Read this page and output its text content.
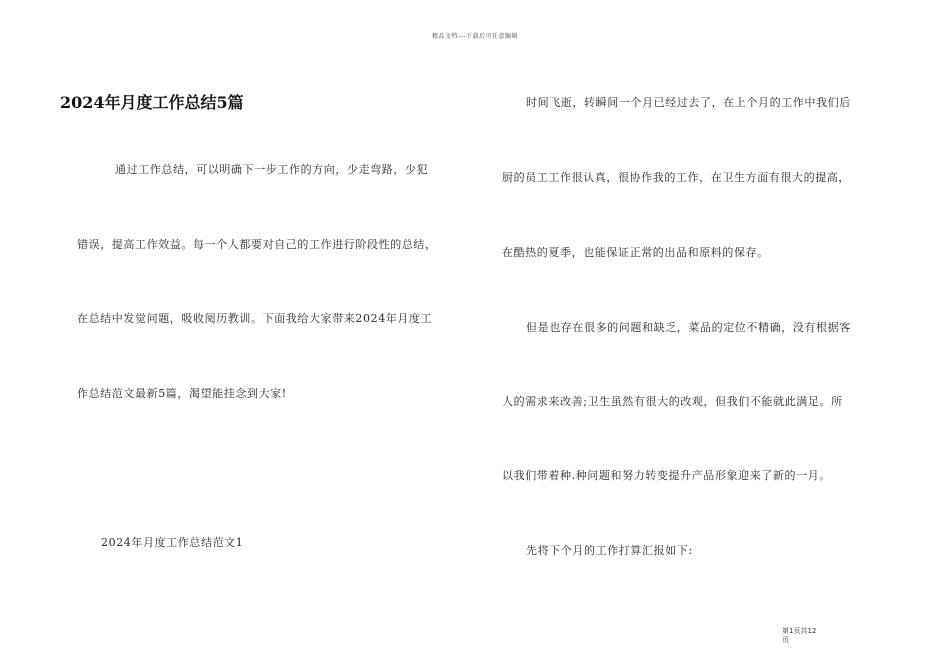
精品文档---下载后可任意编辑
2024年月度工作总结5篇
通过工作总结，可以明确下一步工作的方向，少走弯路，少犯
错误，提高工作效益。每一个人都要对自己的工作进行阶段性的总结，
在总结中发觉问题，吸收阅历教训。下面我给大家带来2024年月度工
作总结范文最新5篇，渴望能挂念到大家!
2024年月度工作总结范文1
时间飞逝，转瞬间一个月已经过去了，在上个月的工作中我们后
厨的员工工作很认真，很协作我的工作，在卫生方面有很大的提高，
在酷热的夏季，也能保证正常的出品和原料的保存。
但是也存在很多的问题和缺乏，菜品的定位不精确，没有根据客
人的需求来改善;卫生虽然有很大的改观，但我们不能就此满足。所
以我们带着种.种问题和努力转变提升产品形象迎来了新的一月。
先将下个月的工作打算汇报如下:
第1页共12
页
